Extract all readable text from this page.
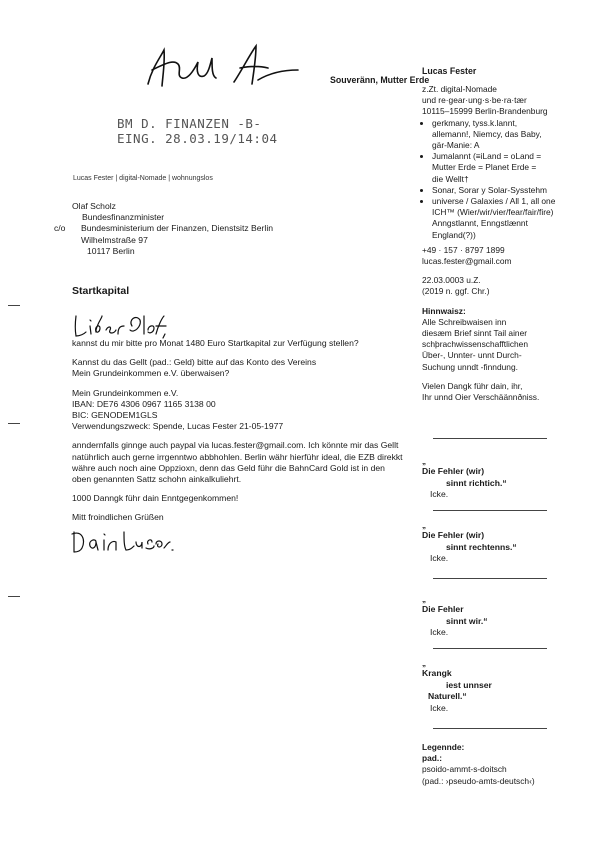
Souveränn, Mutter Erde
Lucas Fester
BM D. FINANZEN -B-
EING. 28.03.19/14:04
Lucas Fester | digital-Nomade | wohnungslos
Olaf Scholz
Bundesfinanzminister
c/o Bundesministerium der Finanzen, Dienstsitz Berlin
Wilhelmstraße 97
10117 Berlin
Startkapital
kannst du mir bitte pro Monat 1480 Euro Startkapital zur Verfügung stellen?
Kannst du das Gellt (pad.: Geld) bitte auf das Konto des Vereins
Mein Grundeinkommen e.V. überwaisen?
Mein Grundeinkommen e.V.
IBAN: DE76 4306 0967 1165 3138 00
BIC: GENODEM1GLS
Verwendungszweck: Spende, Lucas Fester 21-05-1977
anndernfalls ginnge auch paypal via lucas.fester@gmail.com. Ich könnte mir das Gellt
natührlich auch gerne irrgenntwo abbhohlen. Berlin währ hierführ ideal, die EZB direkkt
währe auch noch aine Oppzioхn, denn das Geld führ die BahnCard Gold ist in den
oben genannten Sattz schohn ainkalkuliehrt.
1000 Danngk führ dain Enntgegenkommen!
Mitt froindlichen Grüßen
z.Zt. digital-Nomade
und re·gear·ung·s·be·ra·tær
10115–15999 Berlin-Brandenburg
• gerkmany, tyss.k.lannt,
allemann!, Niemcy, das Baby,
gär-Manie: A
• Jumalannt (≡iLand = oLand =
Mutter Erde = Planet Erde =
die Wellt†
• Sonar, Sorar y Solar-Sysstehm
• universe / Galaxies / All 1, all one
ICH™ (Wier/wir/vier/fear/fair/fire)
Anngstlannt, Enngstlænnt
England(?))
+49 · 157 · 8797 1899
lucas.fester@gmail.com
22.03.0003 u.Z.
(2019 n. ggf. Chr.)
Hinnwaisz:
Alle Schreibwaisen inn
diesæm Brief sinnt Tail ainer
schþrachwissenschafftlichen
Über-, Unnter- unnt Durch-
Suchung unndt -finndung.
Vielen Dangk führ dain, ihr,
Ihr unnd Oier Verschäännðniss.
„
Die Fehler (wir)
sinnt richtich.“
Icke.
„
Die Fehler (wir)
sinnt rechtenns.“
Icke.
„
Die Fehler
sinnt wir.“
Icke.
„
Krangk
iest unnser
Naturell.“
Icke.
Legennde:
pad.:
psoido-ammt-s-doitsch
(pad.: ›pseudo-amts-deutsch‹)
